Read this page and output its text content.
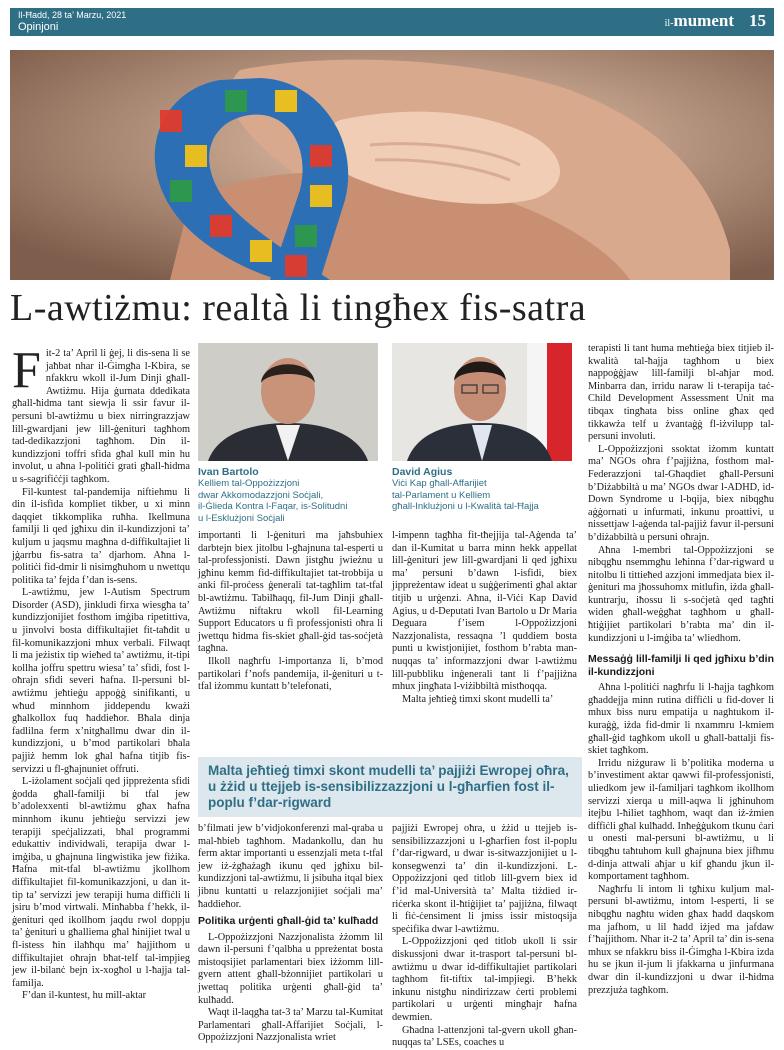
Il-Ħadd, 28 ta’ Marzu, 2021
Opinjoni	il-mument 15
L-awtiżmu: realtà li tingħex fis-satra

Fit-2 ta’ April li ġej, li dis-sena li se jaħbat nhar il-Ġimgħa l-Kbira, se nfakkru wkoll il-Jum Dinji għall-Awtiżmu. Hija ġurnata ddedikata għall-ħidma tant siewja li ssir favur il-persuni bl-awtiżmu u biex nirringrazzjaw lill-gwardjani jew lill-ġenituri tagħhom tad-dedikazzjoni tagħhom. Din il-kundizzjoni toffri sfida għal kull min hu involut, u aħna l-politiċi grati għall-ħidma u s-sagrifiċċji tagħkom.

Fil-kuntest tal-pandemija niftiehmu li din il-isfida kompliet tikber, u xi minn daqqiet tikkomplika ruħha. Ikellmuna familji li qed jgħixu din il-kundizzjoni ta’ kuljum u jaqsmu magħna d-diffikultajiet li jġarrbu fis-satra ta’ djarhom. Aħna l-politiċi fid-dmir li nisimgħuhom u nwettqu politika ta’ fejda f’dan is-sens.

L-awtiżmu, jew l-Autism Spectrum Disorder (ASD), jinkludi firxa wiesgħa ta’ kundizzjonijiet fosthom imġiba ripetittiva, u jinvolvi bosta diffikultajiet fit-taħdit u fil-komunikazzjoni mhux verbali. Filwaqt li ma jeżistix tip wieħed ta’ awtiżmu, it-tipi kollha joffru spettru wiesa’ ta’ sfidi, fost l-oħrajn sfidi severi ħafna. Il-persuni bl-awtiżmu jeħtieġu appoġġ sinifikanti, u wħud minnhom jiddependu kważi għalkollox fuq ħaddieħor. Bħala dinja fadlilna ferm x’nitgħallmu dwar din il-kundizzjoni, u b’mod partikolari bħala pajjiż hemm lok għal ħafna titjib fis-servizzi u fl-għajnuniet offruti.

L-iżolament soċjali qed jippreżenta sfidi ġodda għall-familji bi tfal jew b’adolexxenti bl-awtiżmu għax ħafna minnhom ikunu jeħtieġu servizzi jew terapiji speċjalizzati, bħal programmi edukattiv individwali, terapija dwar l-imġiba, u għajnuna lingwistika jew fiżika. Ħafna mit-tfal bl-awtiżmu jkollhom diffikultajiet fil-komunikazzjoni, u dan it-tip ta’ servizzi jew terapiji huma diffiċli li jsiru b’mod virtwali. Minħabba f’hekk, il-ġenituri qed ikollhom jaqdu rwol doppju ta’ ġenituri u għalliema għal ħinijiet twal u fl-istess ħin ilaħħqu ma’ ħajjithom u diffikultajiet oħrajn bħat-telf tal-impjieg jew il-bilanċ bejn ix-xogħol u l-ħajja tal-familja.

F’dan il-kuntest, hu mill-aktar

Ivan Bartolo
Kelliem tal-Oppożizzjoni
dwar Akkomodazzjoni Soċjali,
il-Ġlieda Kontra l-Faqar, is-Solitudni
u l-Esklużjoni Soċjali
David Agius
Viċi Kap għall-Affarijiet
tal-Parlament u Kelliem
għall-Inklużjoni u l-Kwalità tal-Ħajja

importanti li l-ġenituri ma jaħsbuhiex darbtejn biex jitolbu l-għajnuna tal-esperti u tal-professjonisti. Dawn jistgħu jwieżnu u jgħinu kemm fid-diffikultajiet tat-trobbija u anki fil-proċess ġenerali tat-tagħlim tat-tfal bl-awtiżmu. Tabilħaqq, fil-Jum Dinji għall-Awtiżmu niftakru wkoll fil-Learning Support Educators u fi professjonisti oħra li jwettqu ħidma fis-skiet għall-ġid tas-soċjetà tagħna.

Ilkoll nagħrfu l-importanza li, b’mod partikolari f’nofs pandemija, il-ġenituri u t-tfal iżommu kuntatt b’telefonati,

l-impenn tagħha fit-tħejjija tal-Aġenda ta’ dan il-Kumitat u barra minn hekk appellat lill-ġenituri jew lill-gwardjani li qed jgħixu ma’ persuni b’dawn l-isfidi, biex jippreżentaw ideat u suġġerimenti għal aktar titjib u urġenzi. Aħna, il-Viċi Kap David Agius, u d-Deputati Ivan Bartolo u Dr Maria Deguara f’isem l-Oppożizzjoni Nazzjonalista, ressaqna ’l quddiem bosta punti u kwistjonijiet, fosthom b’rabta man-nuqqas ta’ informazzjoni dwar l-awtiżmu lill-pubbliku inġenerali tant li f’pajjiżna mhux jingħata l-viżibbiltà mistħoqqa.

Malta jeħtieġ timxi skont mudelli ta’

Malta jeħtieġ timxi skont mudelli ta’ pajjiżi Ewropej oħra, u żżid u ttejjeb is-sensibilizzazzjoni u l-għarfien fost il-poplu f’dar-rigward

b’filmati jew b’vidjokonferenzi mal-qraba u mal-ħbieb tagħhom. Madankollu, dan hu ferm aktar importanti u essenzjali meta t-tfal jew iż-żgħażagħ ikunu qed jgħixu bil-kundizzjoni tal-awtiżmu, li jsibuha itqal biex jibnu kuntatti u relazzjonijiet soċjali ma’ ħaddieħor.

Politika urġenti għall-ġid ta’ kulħadd

L-Oppożizzjoni Nazzjonalista żżomm lil dawn il-persuni f’qalbha u ppreżentat bosta mistoqsijiet parlamentari biex iżżomm lill-gvern attent għall-bżonnijiet partikolari u jwettaq politika urġenti għall-ġid ta’ kulħadd.

Waqt il-laqgħa tat-3 ta’ Marzu tal-Kumitat Parlamentari għall-Affarijiet Soċjali, l-Oppożizzjoni Nazzjonalista wriet

pajjiżi Ewropej oħra, u żżid u ttejjeb is-sensibilizzazzjoni u l-għarfien fost il-poplu f’dar-rigward, u dwar is-sitwazzjonijiet u l-konsegwenzi ta’ din il-kundizzjoni. L-Oppożizzjoni qed titlob lill-gvern biex id f’id mal-Università ta’ Malta tiżdied ir-riċerka skont il-ħtiġijiet ta’ pajjiżna, filwaqt li fiċ-ċensiment li jmiss issir mistoqsija speċifika dwar l-awtiżmu.

L-Oppożizzjoni qed titlob ukoll li ssir diskussjoni dwar it-trasport tal-persuni bl-awtiżmu u dwar id-diffikultajiet partikolari tagħhom fit-tiftix tal-impjiegi. B’hekk inkunu nistgħu nindirizzaw ċerti problemi partikolari u urġenti mingħajr ħafna dewmien.

Għadna l-attenzjoni tal-gvern ukoll għan-nuqqas ta’ LSEs, coaches u

terapisti li tant huma meħtieġa biex titjieb il-kwalità tal-ħajja tagħhom u biex nappoġġjaw lill-familji bl-aħjar mod. Minbarra dan, irridu naraw li t-terapija taċ-Child Development Assessment Unit ma tibqax tingħata biss online għax qed tikkawża telf u żvantaġġ fl-iżvilupp tal-persuni involuti.

L-Oppożizzjoni ssoktat iżomm kuntatt ma’ NGOs oħra f’pajjiżna, fosthom mal-Federazzjoni tal-Għaqdiet għall-Persuni b’Diżabbiltà u ma’ NGOs dwar l-ADHD, id-Down Syndrome u l-bqija, biex nibqgħu aġġornati u infurmati, inkunu proattivi, u nissettjaw l-aġenda tal-pajjiż favur il-persuni b’diżabbiltà u persuni oħrajn.

Aħna l-membri tal-Oppożizzjoni se nibqgħu nsemmgħu leħinna f’dar-rigward u nitolbu li tittieħed azzjoni immedjata biex il-ġenituri ma jħossuhomx mitlufin, iżda għall-kuntrarju, iħossu li s-soċjetà qed tagħti widen għall-weġgħat tagħhom u għall-ħtiġijiet partikolari b’rabta ma’ din il-kundizzjoni u l-imġiba ta’ wliedhom.

Messaġġ lill-familji li qed jgħixu b’din il-kundizzjoni

Aħna l-politiċi nagħrfu li l-ħajja tagħkom għaddejja minn rutina diffiċli u fid-dover li mhux biss nuru empatija u naghtukom il-kuraġġ, iżda fid-dmir li nxammru l-kmiem għall-ġid tagħkom ukoll u għall-battalji fis-skiet tagħkom.

Irridu niżguraw li b’politika moderna u b’investiment aktar qawwi fil-professjonisti, uliedkom jew il-familjari tagħkom ikollhom servizzi xierqa u mill-aqwa li jgħinuhom itejbu l-ħiliet tagħhom, waqt dan iż-żmien diffiċli għal kulħadd. Inħeġġukom tkunu ċari u onesti mal-persuni bl-awtiżmu, u li tibqgħu taħtuhom kull għajnuna biex jifhmu d-dinja attwali aħjar u kif għandu jkun il-komportament tagħhom.

Nagħrfu li intom li tgħixu kuljum mal-persuni bl-awtiżmu, intom l-esperti, li se nibqgħu nagħtu widen għax ħadd daqskom ma jafhom, u lil ħadd iżjed ma jafdaw f’ħajjithom. Nhar it-2 ta’ April ta’ din is-sena mhux se nfakkru biss il-Ġimgħa l-Kbira izda hu se jkun il-jum li jfakkarna u jinfurmana dwar din il-kundizzjoni u dwar il-ħidma prezzjuża tagħkom.
